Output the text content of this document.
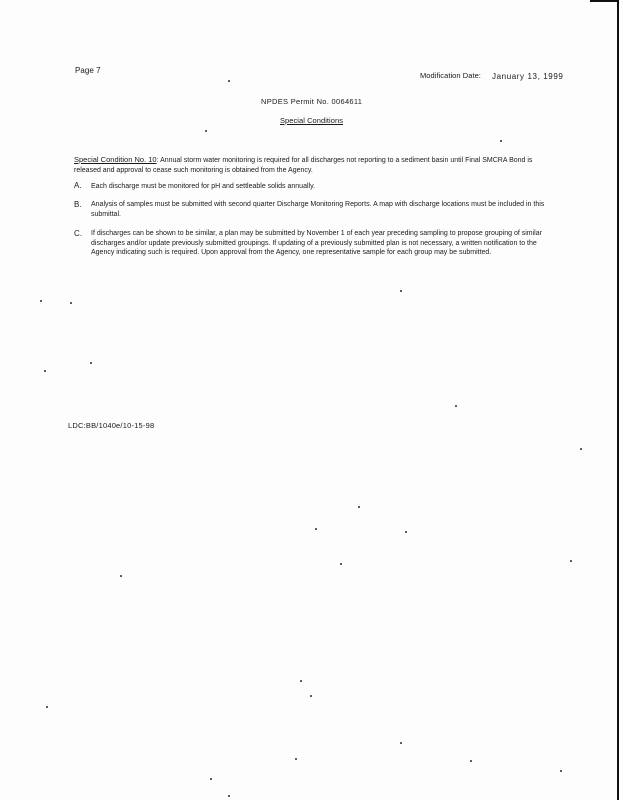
Page 7
Modification Date: January 13, 1999
NPDES Permit No. 0064611
Special Conditions
Special Condition No. 10: Annual storm water monitoring is required for all discharges not reporting to a sediment basin until Final SMCRA Bond is released and approval to cease such monitoring is obtained from the Agency.
A. Each discharge must be monitored for pH and settleable solids annually.
B. Analysis of samples must be submitted with second quarter Discharge Monitoring Reports. A map with discharge locations must be included in this submittal.
C. If discharges can be shown to be similar, a plan may be submitted by November 1 of each year preceding sampling to propose grouping of similar discharges and/or update previously submitted groupings. If updating of a previously submitted plan is not necessary, a written notification to the Agency indicating such is required. Upon approval from the Agency, one representative sample for each group may be submitted.
LDC:BB/1040e/10-15-98
